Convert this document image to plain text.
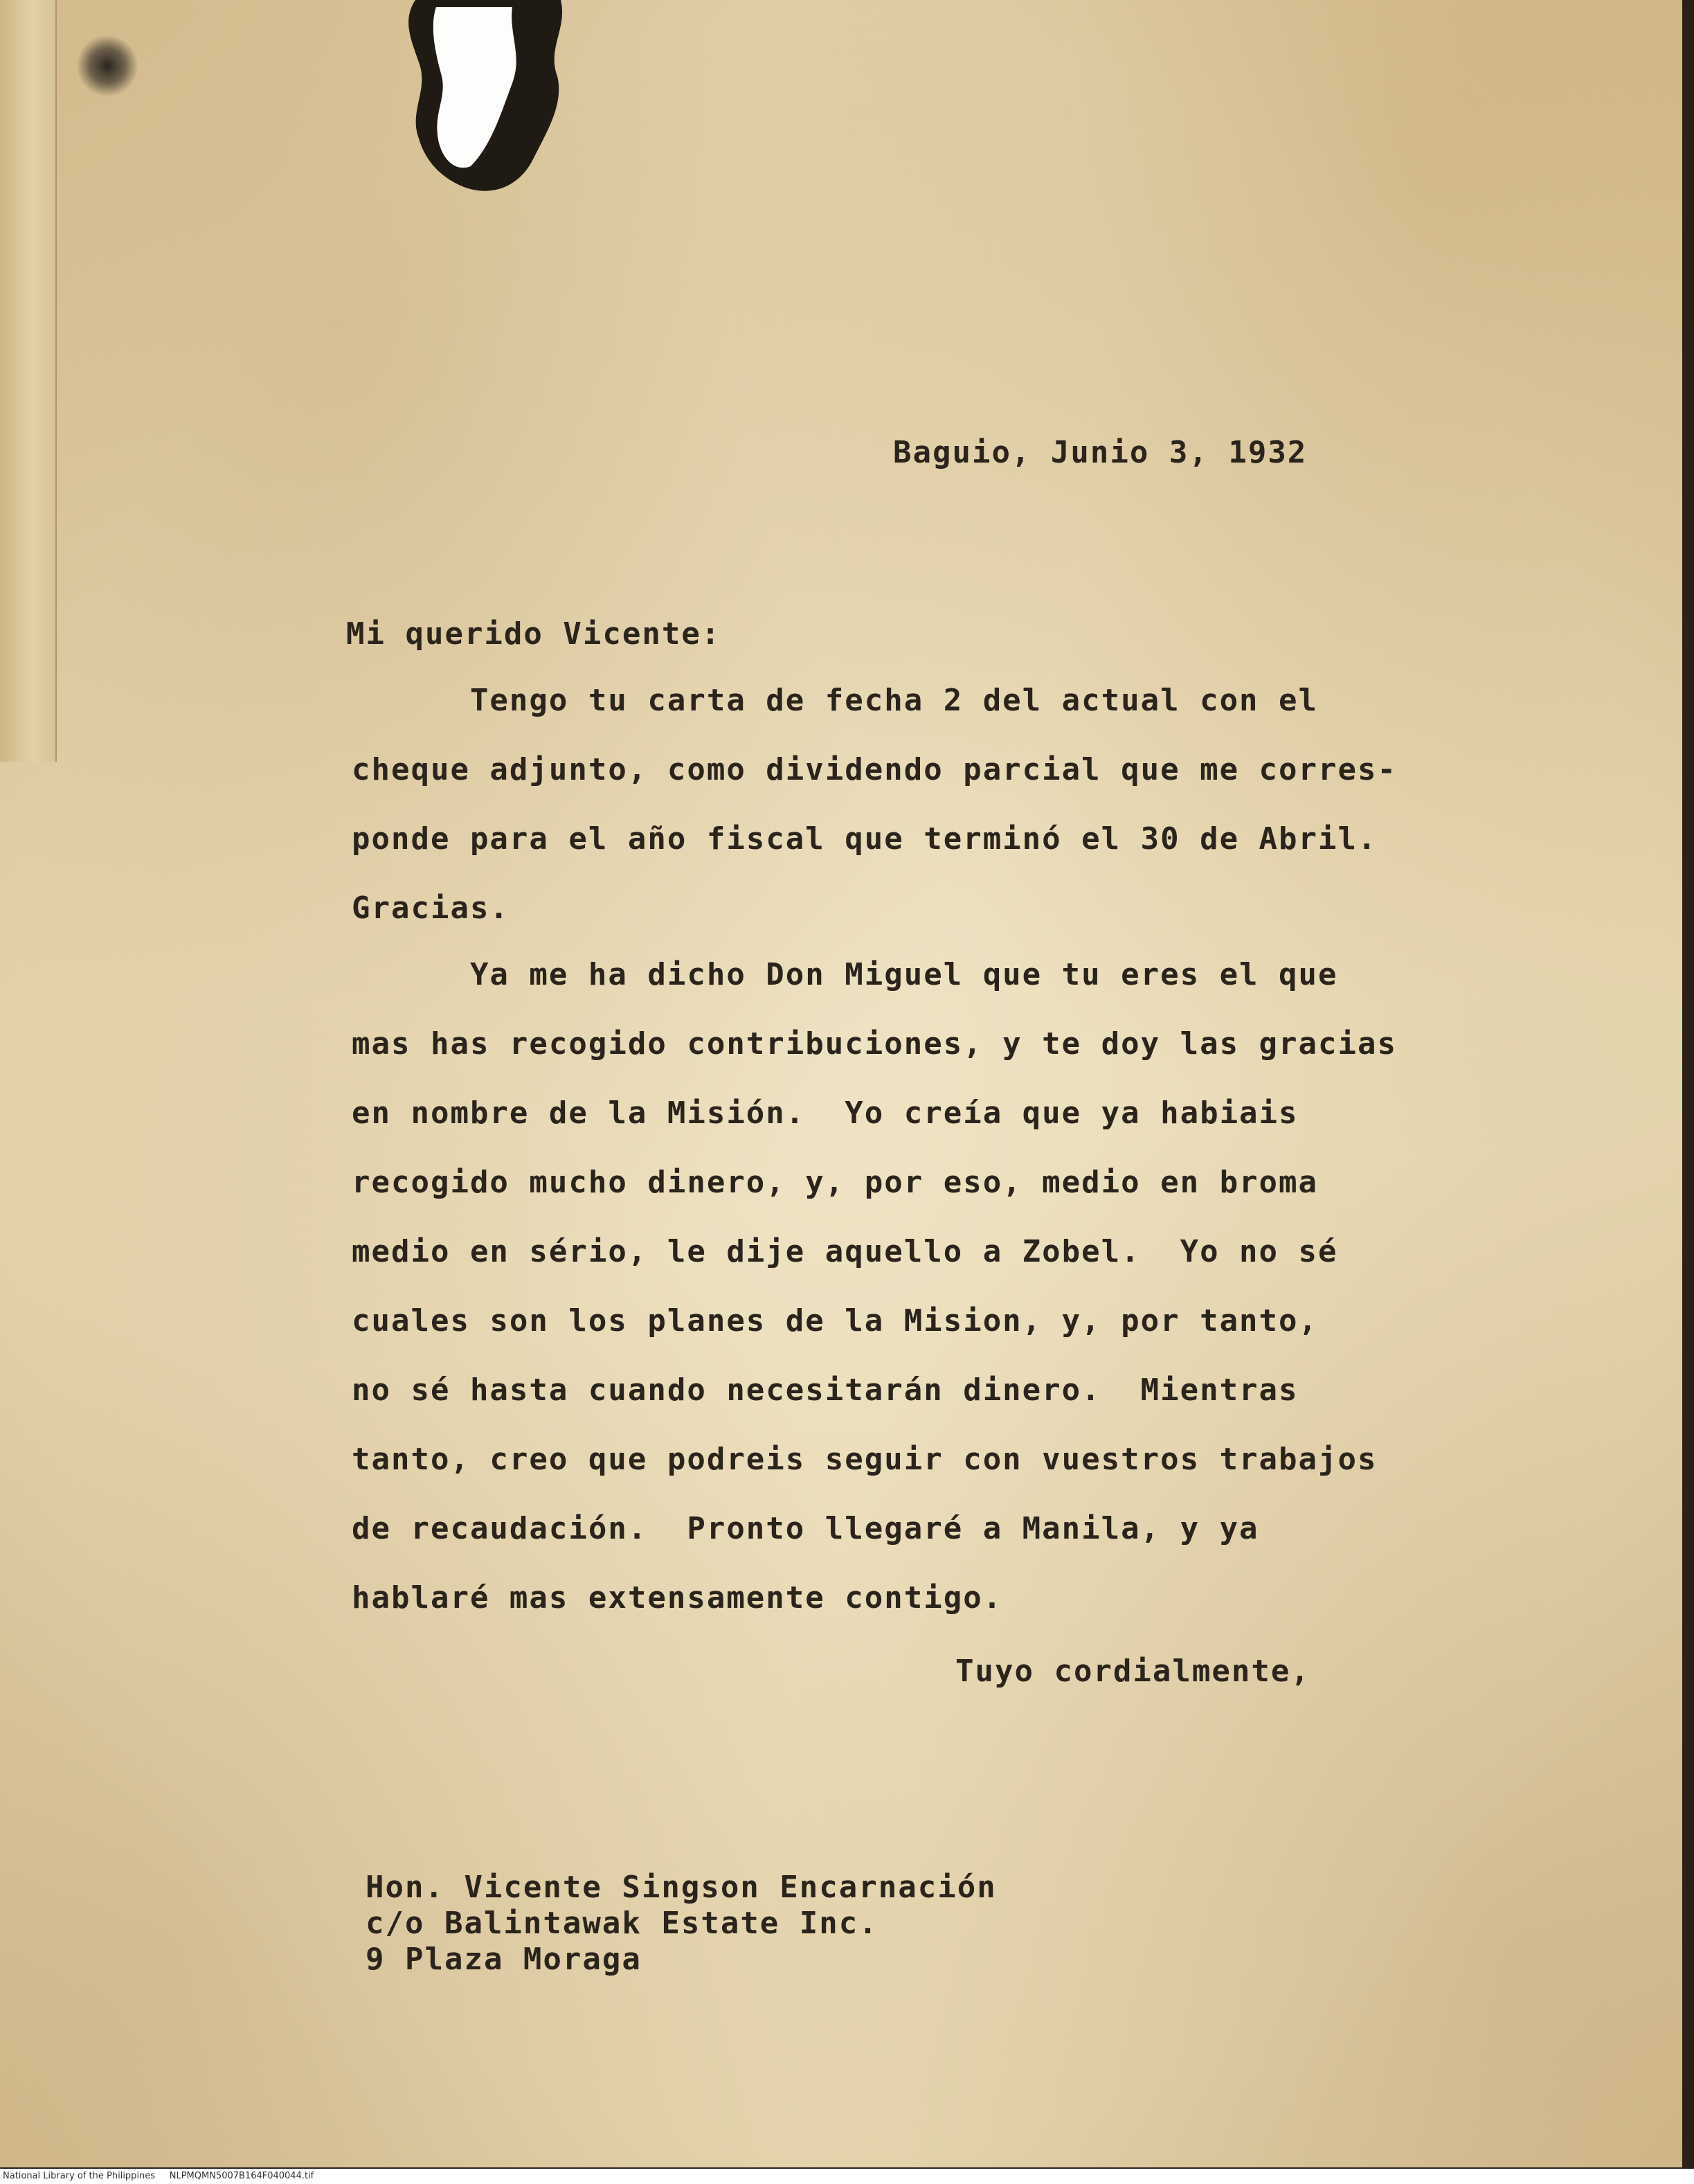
Baguio, Junio 3, 1932
Mi querido Vicente:
Tengo tu carta de fecha 2 del actual con el
cheque adjunto, como dividendo parcial que me corres-
ponde para el año fiscal que terminó el 30 de Abril.
Gracias.
Ya me ha dicho Don Miguel que tu eres el que
mas has recogido contribuciones, y te doy las gracias
en nombre de la Misión.  Yo creía que ya habiais
recogido mucho dinero, y, por eso, medio en broma
medio en sério, le dije aquello a Zobel.  Yo no sé
cuales son los planes de la Mision, y, por tanto,
no sé hasta cuando necesitarán dinero.  Mientras
tanto, creo que podreis seguir con vuestros trabajos
de recaudación.  Pronto llegaré a Manila, y ya
hablaré mas extensamente contigo.
Tuyo cordialmente,
Hon. Vicente Singson Encarnación
c/o Balintawak Estate Inc.
9 Plaza Moraga
National Library of the Philippines     NLPMQMN5007B164F040044.tif
